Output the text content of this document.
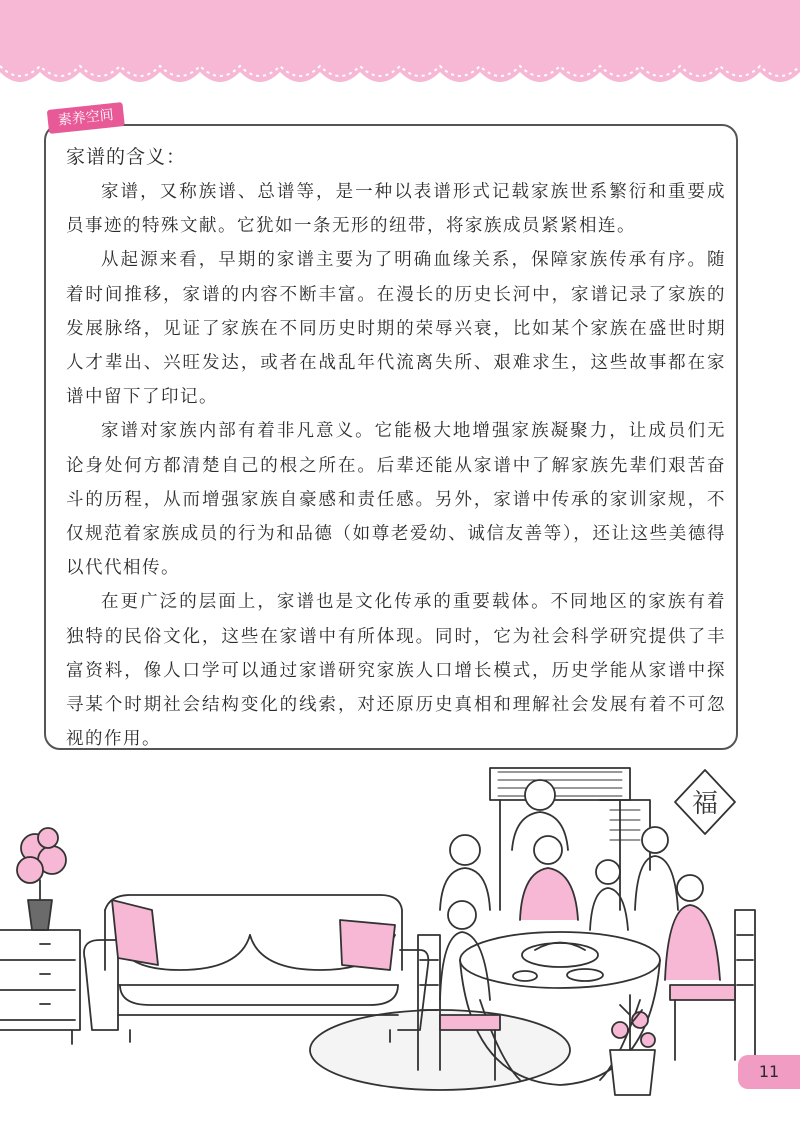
素养空间

家谱的含义：

家谱，又称族谱、总谱等，是一种以表谱形式记载家族世系繁衍和重要成员事迹的特殊文献。它犹如一条无形的纽带，将家族成员紧紧相连。

从起源来看，早期的家谱主要为了明确血缘关系，保障家族传承有序。随着时间推移，家谱的内容不断丰富。在漫长的历史长河中，家谱记录了家族的发展脉络，见证了家族在不同历史时期的荣辱兴衰，比如某个家族在盛世时期人才辈出、兴旺发达，或者在战乱年代流离失所、艰难求生，这些故事都在家谱中留下了印记。

家谱对家族内部有着非凡意义。它能极大地增强家族凝聚力，让成员们无论身处何方都清楚自己的根之所在。后辈还能从家谱中了解家族先辈们艰苦奋斗的历程，从而增强家族自豪感和责任感。另外，家谱中传承的家训家规，不仅规范着家族成员的行为和品德（如尊老爱幼、诚信友善等），还让这些美德得以代代相传。

在更广泛的层面上，家谱也是文化传承的重要载体。不同地区的家族有着独特的民俗文化，这些在家谱中有所体现。同时，它为社会科学研究提供了丰富资料，像人口学可以通过家谱研究家族人口增长模式，历史学能从家谱中探寻某个时期社会结构变化的线索，对还原历史真相和理解社会发展有着不可忽视的作用。

福
11
